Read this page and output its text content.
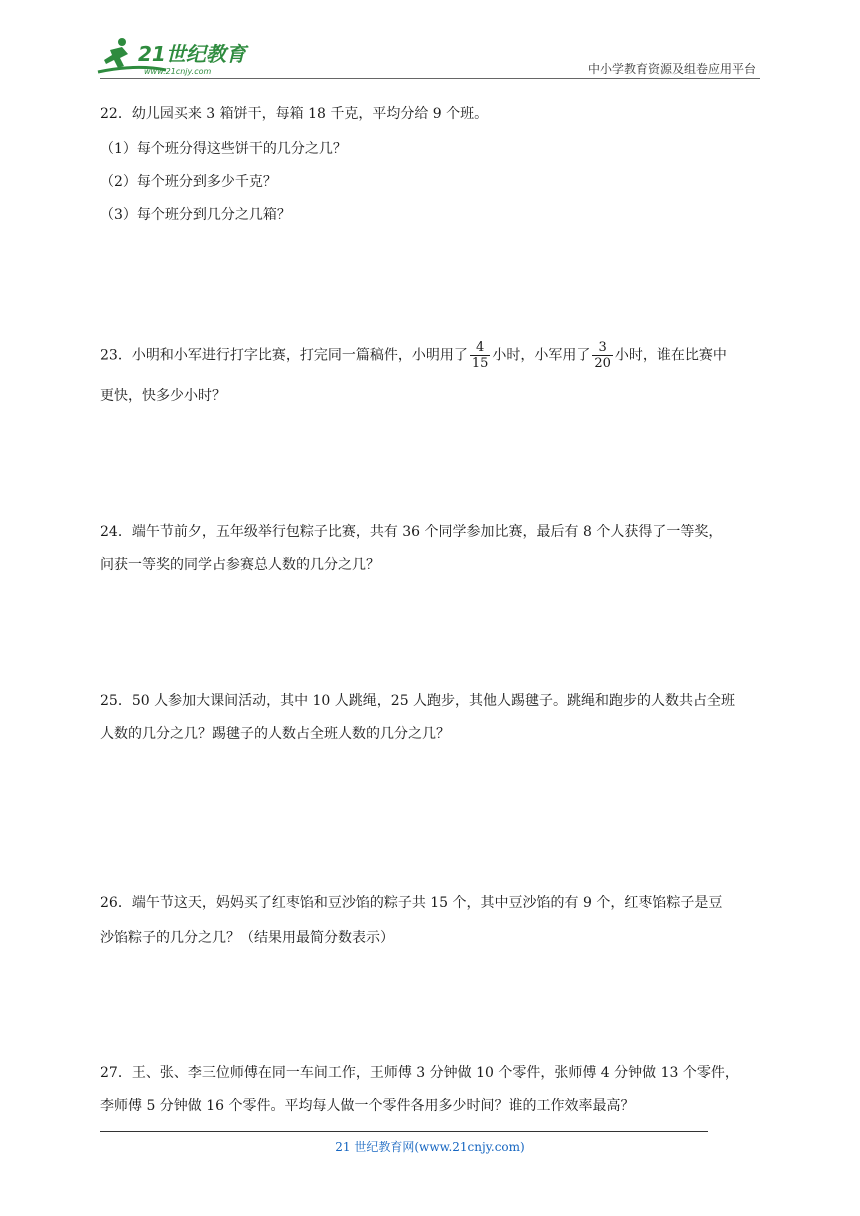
21世纪教育
www.21cnjy.com	中小学教育资源及组卷应用平台
22．幼儿园买来 3 箱饼干，每箱 18 千克，平均分给 9 个班。
（1）每个班分得这些饼干的几分之几？
（2）每个班分到多少千克？
（3）每个班分到几分之几箱？
23．小明和小军进行打字比赛，打完同一篇稿件，小明用了 $\frac{4}{15}$ 小时，小军用了 $\frac{3}{20}$ 小时，谁在比赛中
更快，快多少小时？
24．端午节前夕，五年级举行包粽子比赛，共有 36 个同学参加比赛，最后有 8 个人获得了一等奖，
问获一等奖的同学占参赛总人数的几分之几？
25．50 人参加大课间活动，其中 10 人跳绳，25 人跑步，其他人踢毽子。跳绳和跑步的人数共占全班
人数的几分之几？踢毽子的人数占全班人数的几分之几？
26．端午节这天，妈妈买了红枣馅和豆沙馅的粽子共 15 个，其中豆沙馅的有 9 个，红枣馅粽子是豆
沙馅粽子的几分之几？（结果用最简分数表示）
27．王、张、李三位师傅在同一车间工作，王师傅 3 分钟做 10 个零件，张师傅 4 分钟做 13 个零件，
李师傅 5 分钟做 16 个零件。平均每人做一个零件各用多少时间？谁的工作效率最高？
21 世纪教育网(www.21cnjy.com)
